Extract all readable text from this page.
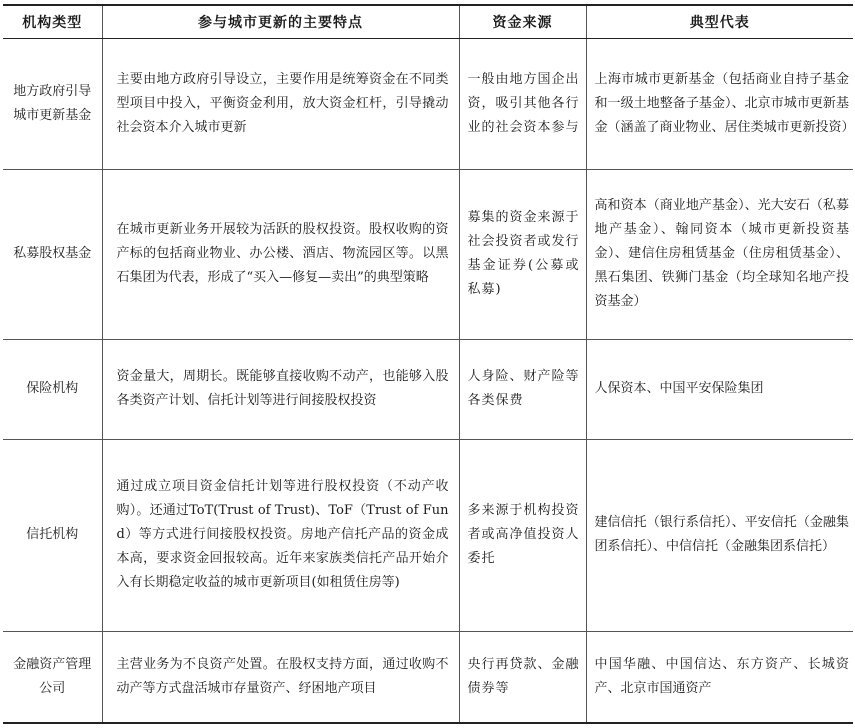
机构类型	参与城市更新的主要特点	资金来源	典型代表
地方政府引导城市更新基金	主要由地方政府引导设立，主要作用是统筹资金在不同类型项目中投入，平衡资金利用，放大资金杠杆，引导撬动社会资本介入城市更新	一般由地方国企出资，吸引其他各行业的社会资本参与	上海市城市更新基金（包括商业自持子基金和一级土地整备子基金）、北京市城市更新基金（涵盖了商业物业、居住类城市更新投资）
私募股权基金	在城市更新业务开展较为活跃的股权投资。股权收购的资产标的包括商业物业、办公楼、酒店、物流园区等。以黑石集团为代表，形成了“买入—修复—卖出”的典型策略	募集的资金来源于社会投资者或发行基金证券(公募或私募)	高和资本（商业地产基金）、光大安石（私募地产基金）、翰同资本（城市更新投资基金）、建信住房租赁基金（住房租赁基金）、黑石集团、铁狮门基金（均全球知名地产投资基金）
保险机构	资金量大，周期长。既能够直接收购不动产，也能够入股各类资产计划、信托计划等进行间接股权投资	人身险、财产险等各类保费	人保资本、中国平安保险集团
信托机构	通过成立项目资金信托计划等进行股权投资（不动产收购）。还通过ToT(Trust of Trust)、ToF（Trust of Fund）等方式进行间接股权投资。房地产信托产品的资金成本高，要求资金回报较高。近年来家族类信托产品开始介入有长期稳定收益的城市更新项目(如租赁住房等)	多来源于机构投资者或高净值投资人委托	建信信托（银行系信托）、平安信托（金融集团系信托）、中信信托（金融集团系信托）
金融资产管理公司	主营业务为不良资产处置。在股权支持方面，通过收购不动产等方式盘活城市存量资产、纾困地产项目	央行再贷款、金融债券等	中国华融、中国信达、东方资产、长城资产、北京市国通资产
